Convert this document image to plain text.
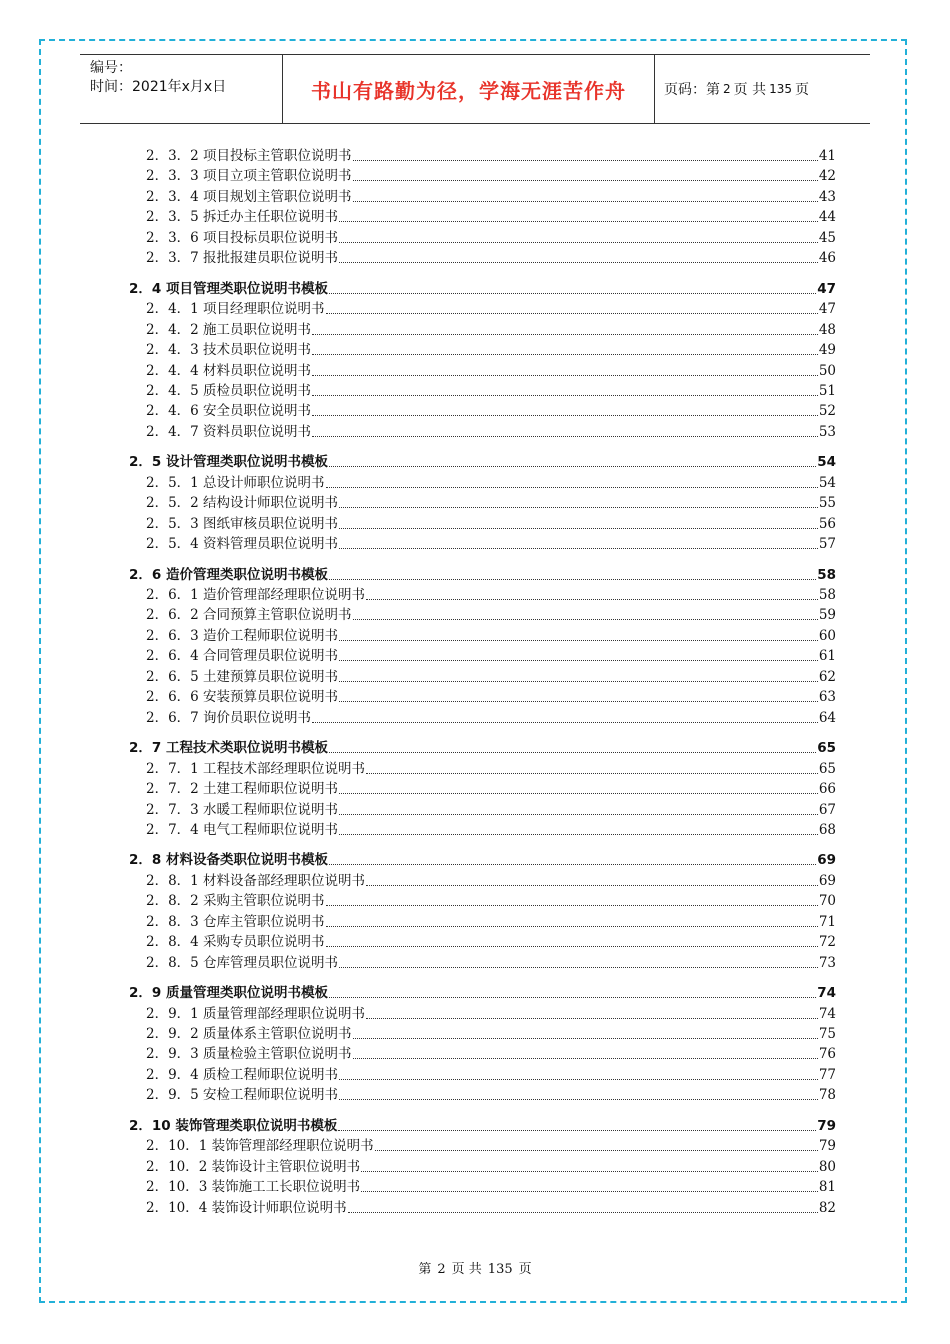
编号：
时间：2021年x月x日	书山有路勤为径，学海无涯苦作舟	页码：第 2 页 共 135 页
2．3．2 项目投标主管职位说明书	41
2．3．3 项目立项主管职位说明书	42
2．3．4 项目规划主管职位说明书	43
2．3．5 拆迁办主任职位说明书	44
2．3．6 项目投标员职位说明书	45
2．3．7 报批报建员职位说明书	46
2．4 项目管理类职位说明书模板	47
2．4．1 项目经理职位说明书	47
2．4．2 施工员职位说明书	48
2．4．3 技术员职位说明书	49
2．4．4 材料员职位说明书	50
2．4．5 质检员职位说明书	51
2．4．6 安全员职位说明书	52
2．4．7 资料员职位说明书	53
2．5 设计管理类职位说明书模板	54
2．5．1 总设计师职位说明书	54
2．5．2 结构设计师职位说明书	55
2．5．3 图纸审核员职位说明书	56
2．5．4 资料管理员职位说明书	57
2．6 造价管理类职位说明书模板	58
2．6．1 造价管理部经理职位说明书	58
2．6．2 合同预算主管职位说明书	59
2．6．3 造价工程师职位说明书	60
2．6．4 合同管理员职位说明书	61
2．6．5 土建预算员职位说明书	62
2．6．6 安装预算员职位说明书	63
2．6．7 询价员职位说明书	64
2．7 工程技术类职位说明书模板	65
2．7．1 工程技术部经理职位说明书	65
2．7．2 土建工程师职位说明书	66
2．7．3 水暖工程师职位说明书	67
2．7．4 电气工程师职位说明书	68
2．8 材料设备类职位说明书模板	69
2．8．1 材料设备部经理职位说明书	69
2．8．2 采购主管职位说明书	70
2．8．3 仓库主管职位说明书	71
2．8．4 采购专员职位说明书	72
2．8．5 仓库管理员职位说明书	73
2．9 质量管理类职位说明书模板	74
2．9．1 质量管理部经理职位说明书	74
2．9．2 质量体系主管职位说明书	75
2．9．3 质量检验主管职位说明书	76
2．9．4 质检工程师职位说明书	77
2．9．5 安检工程师职位说明书	78
2．10 装饰管理类职位说明书模板	79
2．10．1 装饰管理部经理职位说明书	79
2．10．2 装饰设计主管职位说明书	80
2．10．3 装饰施工工长职位说明书	81
2．10．4 装饰设计师职位说明书	82
第 2 页 共 135 页
